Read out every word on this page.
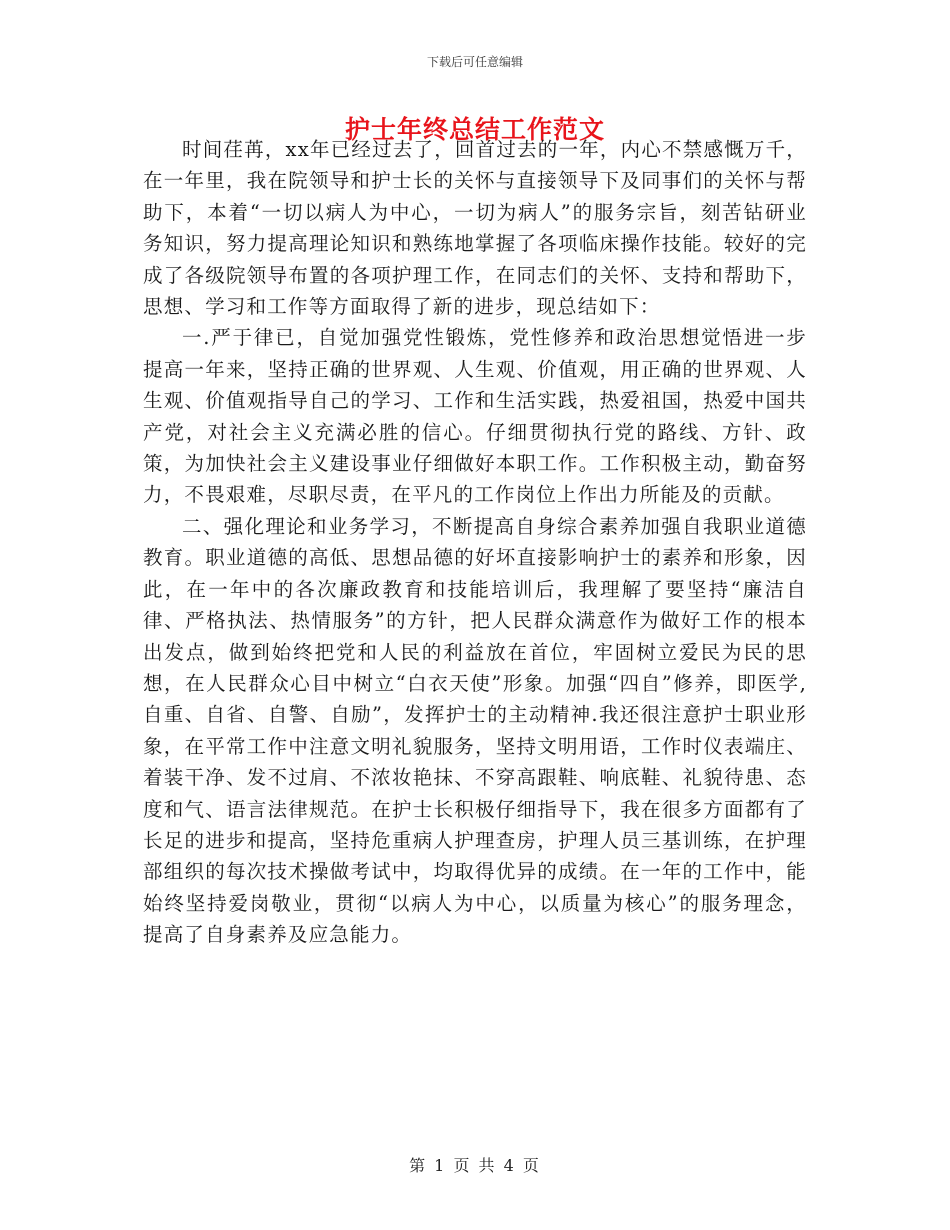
下载后可任意编辑
护士年终总结工作范文

时间荏苒，xx年已经过去了，回首过去的一年，内心不禁感慨万千，在一年里，我在院领导和护士长的关怀与直接领导下及同事们的关怀与帮助下，本着“一切以病人为中心，一切为病人”的服务宗旨，刻苦钻研业务知识，努力提高理论知识和熟练地掌握了各项临床操作技能。较好的完成了各级院领导布置的各项护理工作，在同志们的关怀、支持和帮助下，思想、学习和工作等方面取得了新的进步，现总结如下：

一.严于律已，自觉加强党性锻炼，党性修养和政治思想觉悟进一步提高一年来，坚持正确的世界观、人生观、价值观，用正确的世界观、人生观、价值观指导自己的学习、工作和生活实践，热爱祖国，热爱中国共产党，对社会主义充满必胜的信心。仔细贯彻执行党的路线、方针、政策，为加快社会主义建设事业仔细做好本职工作。工作积极主动，勤奋努力，不畏艰难，尽职尽责，在平凡的工作岗位上作出力所能及的贡献。

二、强化理论和业务学习，不断提高自身综合素养加强自我职业道德教育。职业道德的高低、思想品德的好坏直接影响护士的素养和形象，因此，在一年中的各次廉政教育和技能培训后，我理解了要坚持“廉洁自律、严格执法、热情服务”的方针，把人民群众满意作为做好工作的根本出发点，做到始终把党和人民的利益放在首位，牢固树立爱民为民的思想，在人民群众心目中树立“白衣天使”形象。加强“四自”修养，即医学,自重、自省、自警、自励”，发挥护士的主动精神.我还很注意护士职业形象，在平常工作中注意文明礼貌服务，坚持文明用语，工作时仪表端庄、着装干净、发不过肩、不浓妆艳抹、不穿高跟鞋、响底鞋、礼貌待患、态度和气、语言法律规范。在护士长积极仔细指导下，我在很多方面都有了长足的进步和提高，坚持危重病人护理查房，护理人员三基训练，在护理部组织的每次技术操做考试中，均取得优异的成绩。在一年的工作中，能始终坚持爱岗敬业，贯彻“以病人为中心，以质量为核心”的服务理念，提高了自身素养及应急能力。

第 1 页 共 4 页
